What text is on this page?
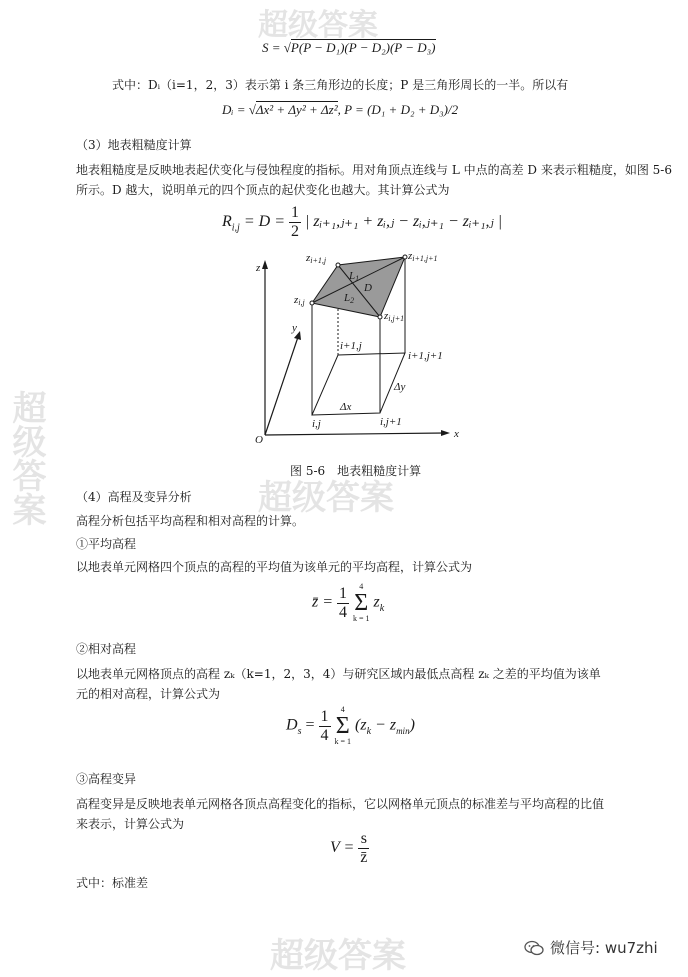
超级答案
超级答案
超级答案
超级答案
S = √P(P − D₁)(P − D₂)(P − D₃)
式中：Dᵢ（i=1，2，3）表示第 i 条三角形边的长度；P 是三角形周长的一半。所以有
Dᵢ = √Δx² + Δy² + Δz², P = (D₁ + D₂ + D₃)/2
（3）地表粗糙度计算
地表粗糙度是反映地表起伏变化与侵蚀程度的指标。用对角顶点连线与 L 中点的高差 D 来表示粗糙度，如图 5-6 所示。D 越大，说明单元的四个顶点的起伏变化也越大。其计算公式为
$R_{i,j} = D = \frac{1}{2}$ | zᵢ₊₁,ⱼ₊₁ + zᵢ,ⱼ − zᵢ,ⱼ₊₁ − zᵢ₊₁,ⱼ |
z
y
x
O
zi+1,j	zi+1,j+1
zi,j
zi,j+1
L1
L2
D
i+1,j
i+1,j+1
i,j	i,j+1
Δx
Δy
图 5-6　地表粗糙度计算
（4）高程及变异分析
高程分析包括平均高程和相对高程的计算。
①平均高程
以地表单元网格四个顶点的高程的平均值为该单元的平均高程，计算公式为
z̄ = $\frac{1}{4}$
	4
Σ
k = 1
$z_k$
②相对高程
以地表单元网格顶点的高程 zₖ（k=1，2，3，4）与研究区域内最低点高程 zₖ 之差的平均值为该单元的相对高程，计算公式为
$D_s = \frac{1}{4}$
	4
Σ
k = 1
$(z_k - z_{min})$
③高程变异
高程变异是反映地表单元网格各顶点高程变化的指标，它以网格单元顶点的标准差与平均高程的比值来表示，计算公式为
$V = \frac{s}{z̄}$
式中：标准差
微信号: wu7zhi
